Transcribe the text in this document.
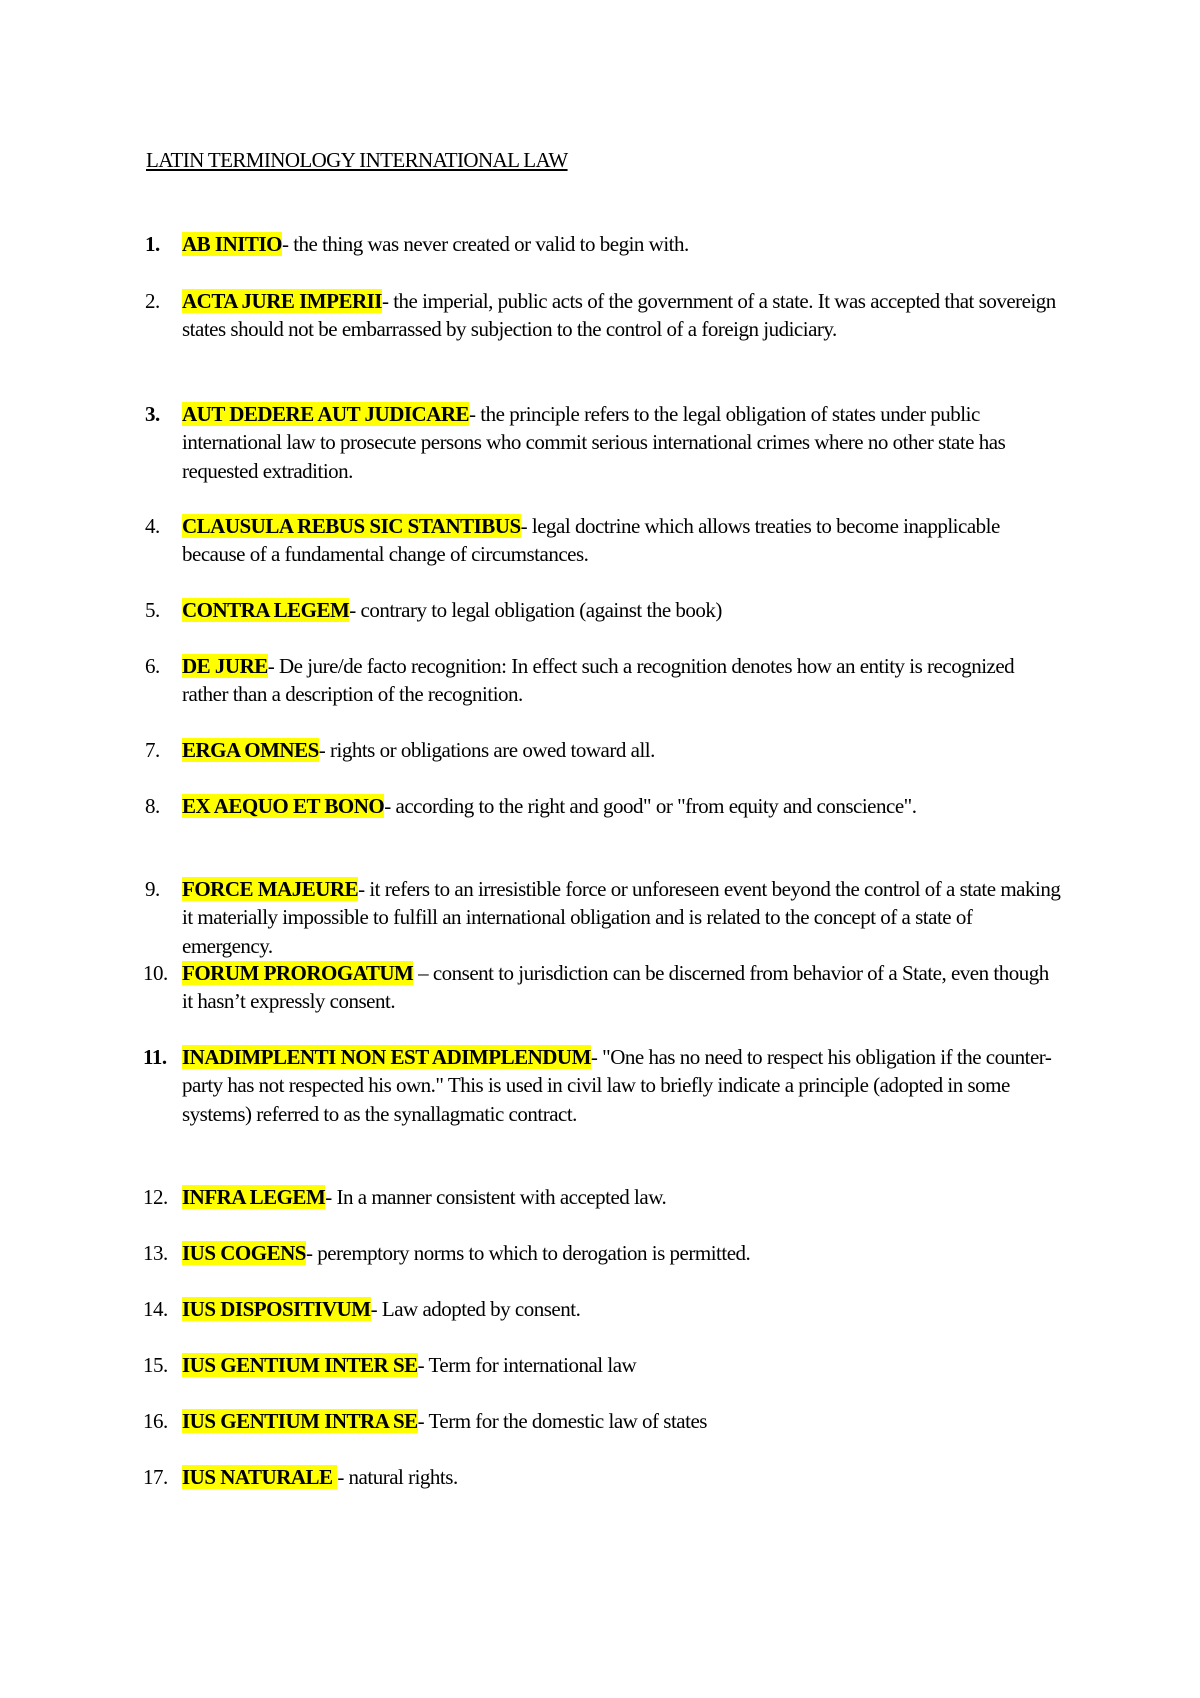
LATIN TERMINOLOGY INTERNATIONAL LAW
1.	AB INITIO- the thing was never created or valid to begin with.
2.	ACTA JURE IMPERII- the imperial, public acts of the government of a state. It was accepted that sovereign states should not be embarrassed by subjection to the control of a foreign judiciary.
3.	AUT DEDERE AUT JUDICARE- the principle refers to the legal obligation of states under public international law to prosecute persons who commit serious international crimes where no other state has requested extradition.
4.	CLAUSULA REBUS SIC STANTIBUS- legal doctrine which allows treaties to become inapplicable because of a fundamental change of circumstances.
5.	CONTRA LEGEM- contrary to legal obligation (against the book)
6.	DE JURE- De jure/de facto recognition: In effect such a recognition denotes how an entity is recognized rather than a description of the recognition.
7.	ERGA OMNES- rights or obligations are owed toward all.
8.	EX AEQUO ET BONO- according to the right and good" or "from equity and conscience".
9.	FORCE MAJEURE- it refers to an irresistible force or unforeseen event beyond the control of a state making it materially impossible to fulfill an international obligation and is related to the concept of a state of emergency.
10. FORUM PROROGATUM – consent to jurisdiction can be discerned from behavior of a State, even though it hasn’t expressly consent.
11. INADIMPLENTI NON EST ADIMPLENDUM- "One has no need to respect his obligation if the counter-party has not respected his own." This is used in civil law to briefly indicate a principle (adopted in some systems) referred to as the synallagmatic contract.
12. INFRA LEGEM- In a manner consistent with accepted law.
13. IUS COGENS- peremptory norms to which to derogation is permitted.
14. IUS DISPOSITIVUM- Law adopted by consent.
15. IUS GENTIUM INTER SE- Term for international law
16. IUS GENTIUM INTRA SE- Term for the domestic law of states
17. IUS NATURALE - natural rights.
